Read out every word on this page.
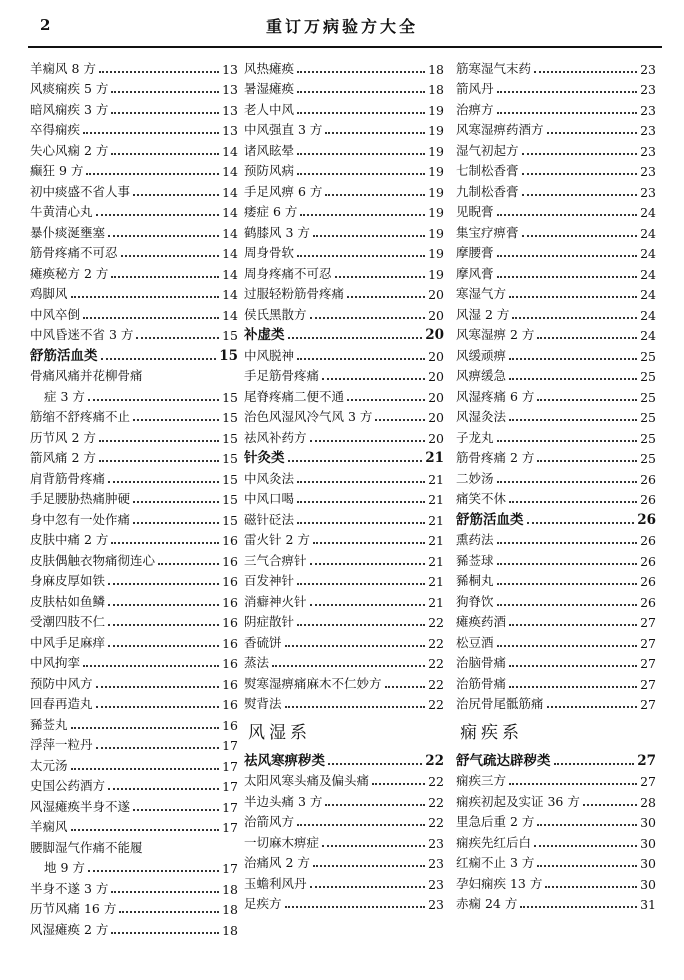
2	重订万病验方大全
羊痫风 8 方	13
风痰痫疾 5 方	13
暗风痫疾 3 方	13
卒得痫疾	13
失心风痫 2 方	14
癫狂 9 方	14
初中痰盛不省人事	14
牛黄清心丸	14
暴仆痰涎壅塞	14
筋骨疼痛不可忍	14
瘫痪秘方 2 方	14
鸡脚风	14
中风卒倒	14
中风昏迷不省 3 方	15
舒筋活血类	15
骨痛风痛并花柳骨痛
症 3 方	15
筋缩不舒疼痛不止	15
历节风 2 方	15
箭风痛 2 方	15
肩背筋骨疼痛	15
手足腰胁热痛肿硬	15
身中忽有一处作痛	15
皮肤中痛 2 方	16
皮肤偶触衣物痛彻连心	16
身麻皮厚如铁	16
皮肤枯如鱼鳞	16
受潮四肢不仁	16
中风手足麻痒	16
中风拘挛	16
预防中风方	16
回春再造丸	16
豨莶丸	16
浮萍一粒丹	17
太元汤	17
史国公药酒方	17
风湿瘫痪半身不遂	17
羊痫风	17
腰脚湿气作痛不能履
地 9 方	17
半身不遂 3 方	18
历节风痛 16 方	18
风湿瘫痪 2 方	18
风热瘫痪	18
暑湿瘫痪	18
老人中风	19
中风强直 3 方	19
诸风眩晕	19
预防风病	19
手足风痹 6 方	19
痿症 6 方	19
鹤膝风 3 方	19
周身骨软	19
周身疼痛不可忍	19
过服轻粉筋骨疼痛	20
侯氏黑散方	20
补虚类	20
中风脱神	20
手足筋骨疼痛	20
尾脊疼痛二便不通	20
治色风湿风冷气风 3 方	20
祛风补药方	20
针灸类	21
中风灸法	21
中风口喝	21
磁针砭法	21
雷火针 2 方	21
三气合痹针	21
百发神针	21
消癖神火针	21
阴症散针	22
香硫饼	22
蒸法	22
熨寒湿痹痛麻木不仁妙方	22
熨背法	22
风湿系
祛风寒痹秽类	22
太阳风寒头痛及偏头痛	22
半边头痛 3 方	22
治箭风方	22
一切麻木痹症	23
治痛风 2 方	23
玉蟾利风丹	23
足疾方	23
筋寒湿气末药	23
箭风丹	23
治痹方	23
风寒湿痹药酒方	23
湿气初起方	23
七制松香膏	23
九制松香膏	23
见睨膏	24
集宝疗痹膏	24
摩腰膏	24
摩风膏	24
寒湿气方	24
风湿 2 方	24
风寒湿痹 2 方	24
风缓顽痹	25
风痹缓急	25
风湿疼痛 6 方	25
风湿灸法	25
子龙丸	25
筋骨疼痛 2 方	25
二妙汤	26
痛笑不休	26
舒筋活血类	26
熏药法	26
豨莶球	26
豨桐丸	26
狗脊饮	26
瘫痪药酒	27
松豆酒	27
治脑骨痛	27
治筋骨痛	27
治尻骨尾骶筋痛	27
痫疾系
舒气疏达辟秽类	27
痫疾三方	27
痫疾初起及实证 36 方	28
里急后重 2 方	30
痫疾先红后白	30
红痫不止 3 方	30
孕妇痫疾 13 方	30
赤痫 24 方	31
